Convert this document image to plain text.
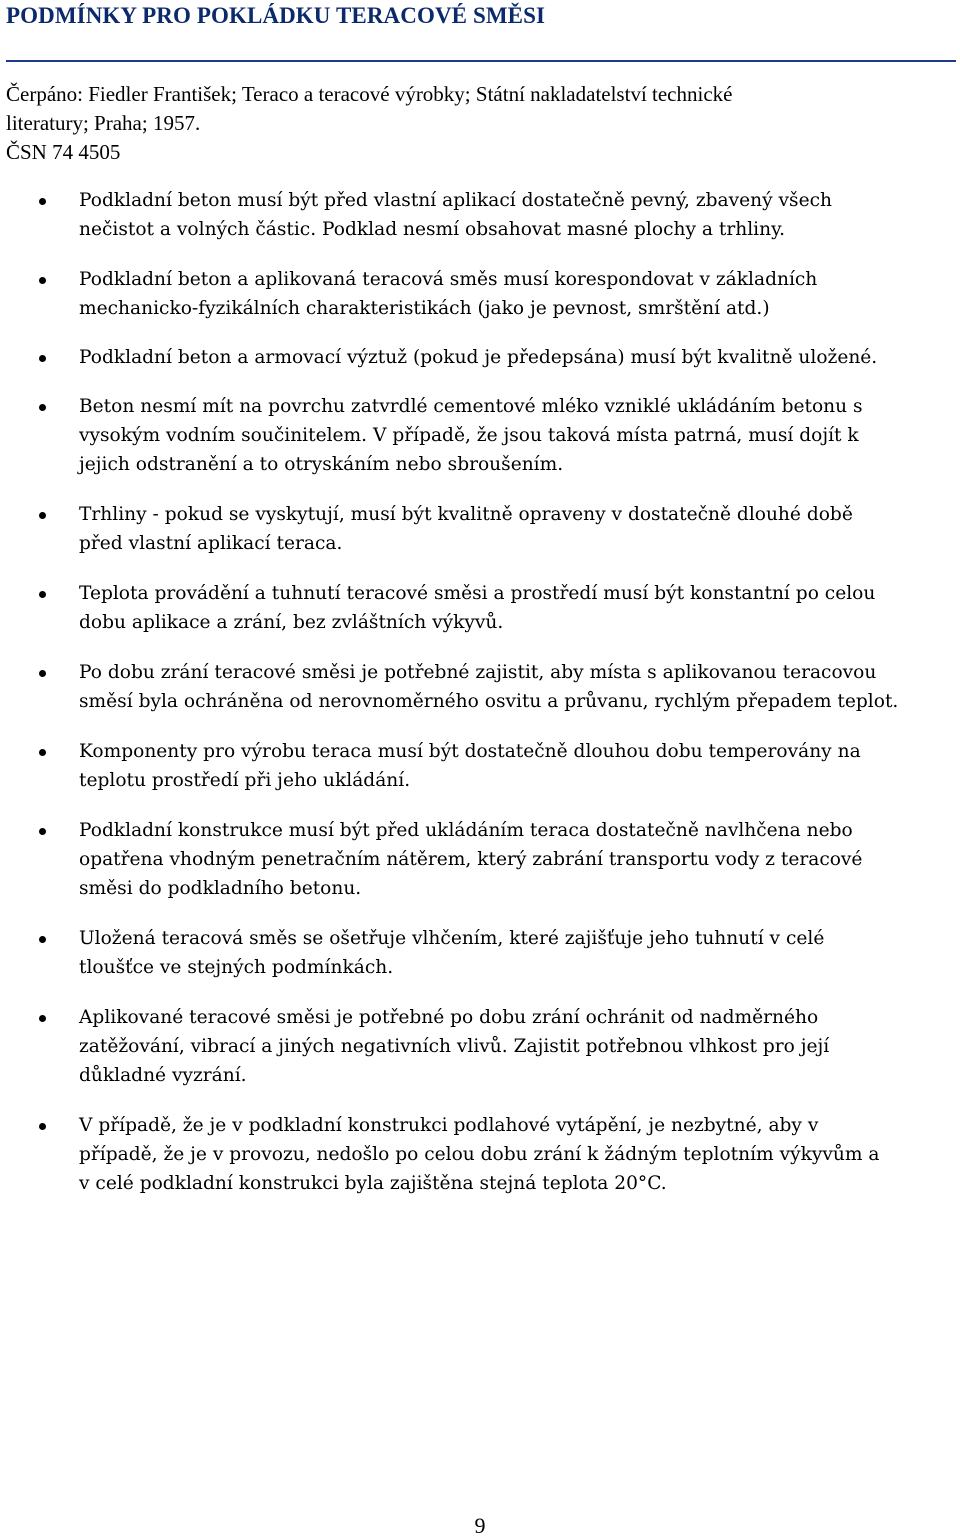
PODMÍNKY PRO POKLÁDKU TERACOVÉ SMĚSI
Čerpáno: Fiedler František; Teraco a teracové výrobky; Státní nakladatelství technické
literatury; Praha; 1957.
ČSN 74 4505
Podkladní beton musí být před vlastní aplikací dostatečně pevný, zbavený všech
nečistot a volných částic. Podklad nesmí obsahovat masné plochy a trhliny.
Podkladní beton a aplikovaná teracová směs musí korespondovat v základních
mechanicko-fyzikálních charakteristikách (jako je pevnost, smrštění atd.)
Podkladní beton a armovací výztuž (pokud je předepsána) musí být kvalitně uložené.
Beton nesmí mít na povrchu zatvrdlé cementové mléko vzniklé ukládáním betonu s
vysokým vodním součinitelem. V případě, že jsou taková místa patrná, musí dojít k
jejich odstranění a to otryskáním nebo sbroušením.
Trhliny - pokud se vyskytují, musí být kvalitně opraveny v dostatečně dlouhé době
před vlastní aplikací teraca.
Teplota provádění a tuhnutí teracové směsi a prostředí musí být konstantní po celou
dobu aplikace a zrání, bez zvláštních výkyvů.
Po dobu zrání teracové směsi je potřebné zajistit, aby místa s aplikovanou teracovou
směsí byla ochráněna od nerovnoměrného osvitu a průvanu, rychlým přepadem teplot.
Komponenty pro výrobu teraca musí být dostatečně dlouhou dobu temperovány na
teplotu prostředí při jeho ukládání.
Podkladní konstrukce musí být před ukládáním teraca dostatečně navlhčena nebo
opatřena vhodným penetračním nátěrem, který zabrání transportu vody z teracové
směsi do podkladního betonu.
Uložená teracová směs se ošetřuje vlhčením, které zajišťuje jeho tuhnutí v celé
tloušťce ve stejných podmínkách.
Aplikované teracové směsi je potřebné po dobu zrání ochránit od nadměrného
zatěžování, vibrací a jiných negativních vlivů. Zajistit potřebnou vlhkost pro její
důkladné vyzrání.
V případě, že je v podkladní konstrukci podlahové vytápění, je nezbytné, aby v
případě, že je v provozu, nedošlo po celou dobu zrání k žádným teplotním výkyvům a
v celé podkladní konstrukci byla zajištěna stejná teplota 20°C.
9
